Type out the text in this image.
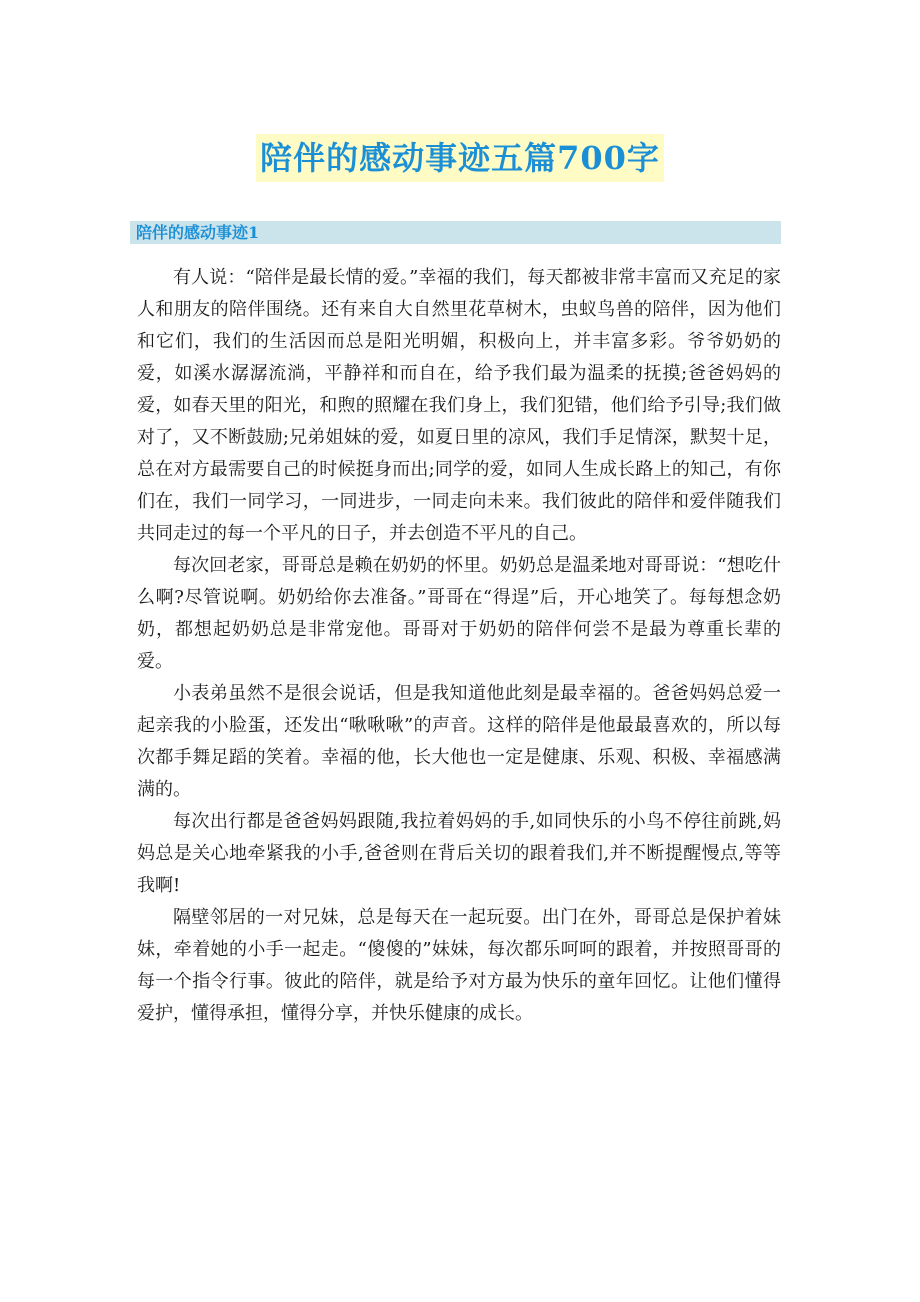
陪伴的感动事迹五篇700字
陪伴的感动事迹1

有人说：“陪伴是最长情的爱。”幸福的我们，每天都被非常丰富而又充足的家人和朋友的陪伴围绕。还有来自大自然里花草树木，虫蚁鸟兽的陪伴，因为他们和它们，我们的生活因而总是阳光明媚，积极向上，并丰富多彩。爷爷奶奶的爱，如溪水潺潺流淌，平静祥和而自在，给予我们最为温柔的抚摸;爸爸妈妈的爱，如春天里的阳光，和煦的照耀在我们身上，我们犯错，他们给予引导;我们做对了，又不断鼓励;兄弟姐妹的爱，如夏日里的凉风，我们手足情深，默契十足，总在对方最需要自己的时候挺身而出;同学的爱，如同人生成长路上的知己，有你们在，我们一同学习，一同进步，一同走向未来。我们彼此的陪伴和爱伴随我们共同走过的每一个平凡的日子，并去创造不平凡的自己。

每次回老家，哥哥总是赖在奶奶的怀里。奶奶总是温柔地对哥哥说：“想吃什么啊?尽管说啊。奶奶给你去准备。”哥哥在“得逞”后，开心地笑了。每每想念奶奶，都想起奶奶总是非常宠他。哥哥对于奶奶的陪伴何尝不是最为尊重长辈的爱。

小表弟虽然不是很会说话，但是我知道他此刻是最幸福的。爸爸妈妈总爱一起亲我的小脸蛋，还发出“啾啾啾”的声音。这样的陪伴是他最最喜欢的，所以每次都手舞足蹈的笑着。幸福的他，长大他也一定是健康、乐观、积极、幸福感满满的。

每次出行都是爸爸妈妈跟随,我拉着妈妈的手,如同快乐的小鸟不停往前跳,妈妈总是关心地牵紧我的小手,爸爸则在背后关切的跟着我们,并不断提醒慢点,等等我啊!

隔壁邻居的一对兄妹，总是每天在一起玩耍。出门在外，哥哥总是保护着妹妹，牵着她的小手一起走。“傻傻的”妹妹，每次都乐呵呵的跟着，并按照哥哥的每一个指令行事。彼此的陪伴，就是给予对方最为快乐的童年回忆。让他们懂得爱护，懂得承担，懂得分享，并快乐健康的成长。
